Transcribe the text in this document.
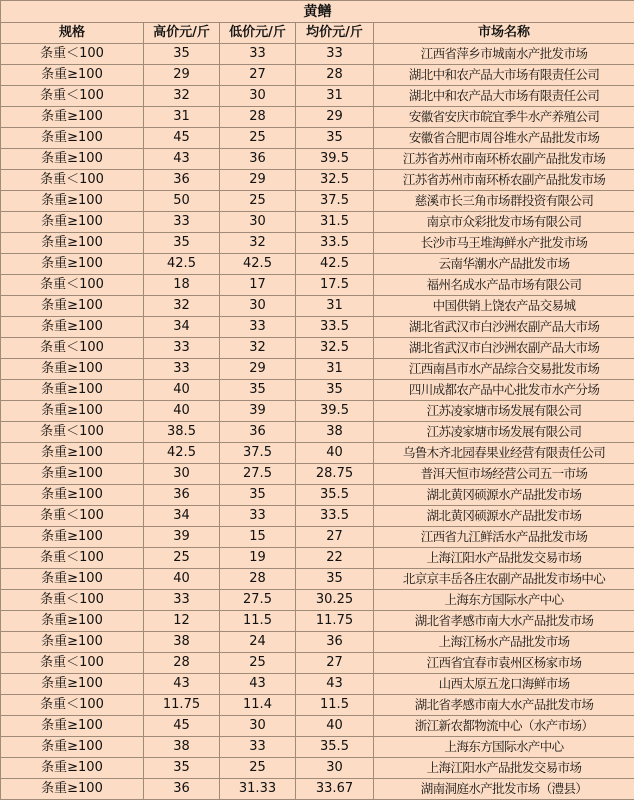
黄鳝				
规格	高价元/斤	低价元/斤	均价元/斤	市场名称
条重＜100	35	33	33	江西省萍乡市城南水产批发市场
条重≥100	29	27	28	湖北中和农产品大市场有限责任公司
条重＜100	32	30	31	湖北中和农产品大市场有限责任公司
条重≥100	31	28	29	安徽省安庆市皖宜季牛水产养殖公司
条重≥100	45	25	35	安徽省合肥市周谷堆水产品批发市场
条重≥100	43	36	39.5	江苏省苏州市南环桥农副产品批发市场
条重＜100	36	29	32.5	江苏省苏州市南环桥农副产品批发市场
条重≥100	50	25	37.5	慈溪市长三角市场群投资有限公司
条重≥100	33	30	31.5	南京市众彩批发市场有限公司
条重≥100	35	32	33.5	长沙市马王堆海鲜水产批发市场
条重≥100	42.5	42.5	42.5	云南华潮水产品批发市场
条重＜100	18	17	17.5	福州名成水产品市场有限公司
条重≥100	32	30	31	中国供销上饶农产品交易城
条重≥100	34	33	33.5	湖北省武汉市白沙洲农副产品大市场
条重＜100	33	32	32.5	湖北省武汉市白沙洲农副产品大市场
条重≥100	33	29	31	江西南昌市水产品综合交易批发市场
条重≥100	40	35	35	四川成都农产品中心批发市水产分场
条重≥100	40	39	39.5	江苏凌家塘市场发展有限公司
条重＜100	38.5	36	38	江苏凌家塘市场发展有限公司
条重≥100	42.5	37.5	40	乌鲁木齐北园春果业经营有限责任公司
条重≥100	30	27.5	28.75	普洱天恒市场经营公司五一市场
条重≥100	36	35	35.5	湖北黄冈硕源水产品批发市场
条重＜100	34	33	33.5	湖北黄冈硕源水产品批发市场
条重≥100	39	15	27	江西省九江鲜活水产品批发市场
条重＜100	25	19	22	上海江阳水产品批发交易市场
条重≥100	40	28	35	北京京丰岳各庄农副产品批发市场中心
条重＜100	33	27.5	30.25	上海东方国际水产中心
条重≥100	12	11.5	11.75	湖北省孝感市南大水产品批发市场
条重≥100	38	24	36	上海江杨水产品批发市场
条重＜100	28	25	27	江西省宜春市袁州区杨家市场
条重≥100	43	43	43	山西太原五龙口海鲜市场
条重＜100	11.75	11.4	11.5	湖北省孝感市南大水产品批发市场
条重≥100	45	30	40	浙江新农都物流中心（水产市场）
条重≥100	38	33	35.5	上海东方国际水产中心
条重≥100	35	25	30	上海江阳水产品批发交易市场
条重≥100	36	31.33	33.67	湖南洞庭水产批发市场（澧县）
